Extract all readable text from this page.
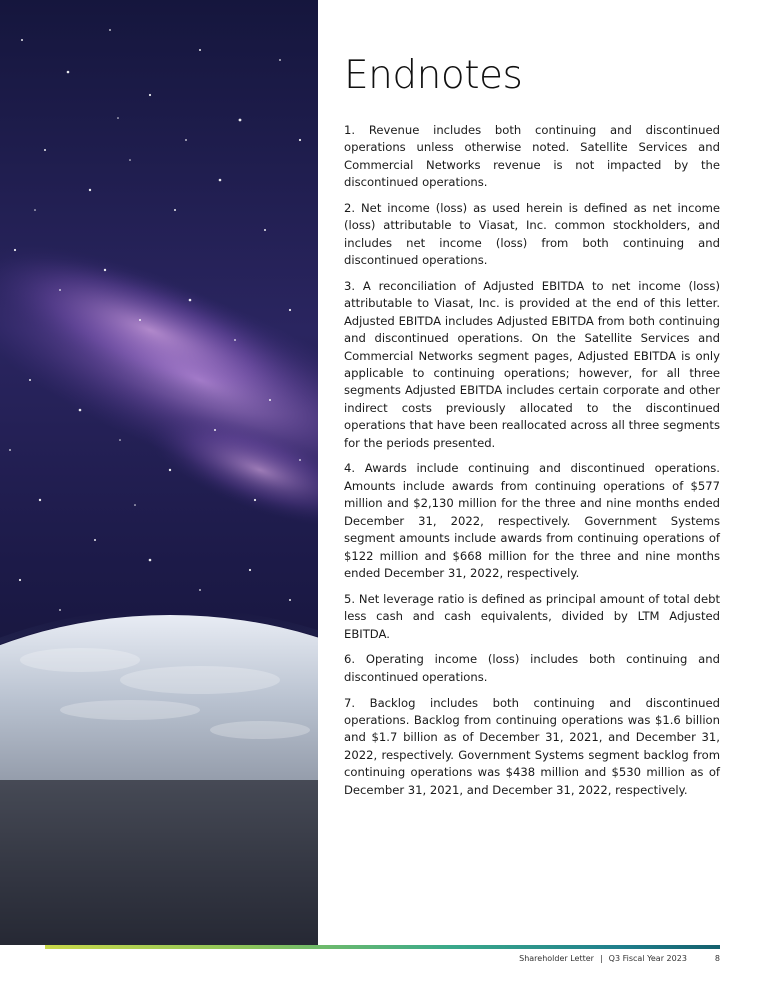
Endnotes

1. Revenue includes both continuing and discontinued operations unless otherwise noted. Satellite Services and Commercial Networks revenue is not impacted by the discontinued operations.

2. Net income (loss) as used herein is defined as net income (loss) attributable to Viasat, Inc. common stockholders, and includes net income (loss) from both continuing and discontinued operations.

3. A reconciliation of Adjusted EBITDA to net income (loss) attributable to Viasat, Inc. is provided at the end of this letter. Adjusted EBITDA includes Adjusted EBITDA from both continuing and discontinued operations. On the Satellite Services and Commercial Networks segment pages, Adjusted EBITDA is only applicable to continuing operations; however, for all three segments Adjusted EBITDA includes certain corporate and other indirect costs previously allocated to the discontinued operations that have been reallocated across all three segments for the periods presented.

4. Awards include continuing and discontinued operations. Amounts include awards from continuing operations of $577 million and $2,130 million for the three and nine months ended December 31, 2022, respectively. Government Systems segment amounts include awards from continuing operations of $122 million and $668 million for the three and nine months ended December 31, 2022, respectively.

5. Net leverage ratio is defined as principal amount of total debt less cash and cash equivalents, divided by LTM Adjusted EBITDA.

6. Operating income (loss) includes both continuing and discontinued operations.

7. Backlog includes both continuing and discontinued operations. Backlog from continuing operations was $1.6 billion and $1.7 billion as of December 31, 2021, and December 31, 2022, respectively. Government Systems segment backlog from continuing operations was $438 million and $530 million as of December 31, 2021, and December 31, 2022, respectively.

Shareholder Letter | Q3 Fiscal Year 2023	8
